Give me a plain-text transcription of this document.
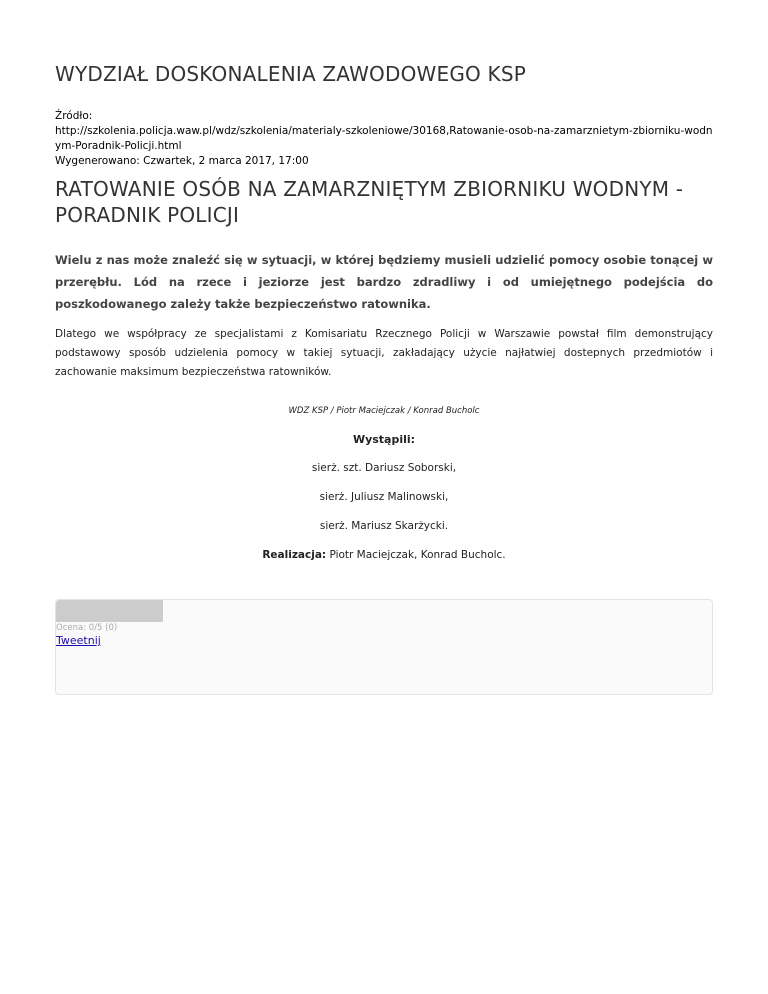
WYDZIAŁ DOSKONALENIA ZAWODOWEGO KSP
Źródło:
http://szkolenia.policja.waw.pl/wdz/szkolenia/materialy-szkoleniowe/30168,Ratowanie-osob-na-zamarznietym-zbiorniku-wodnym-Poradnik-Policji.html
Wygenerowano: Czwartek, 2 marca 2017, 17:00
RATOWANIE OSÓB NA ZAMARZNIĘTYM ZBIORNIKU WODNYM - PORADNIK POLICJI

Wielu z nas może znaleźć się w sytuacji, w której będziemy musieli udzielić pomocy osobie tonącej w przerębłu. Lód na rzece i jeziorze jest bardzo zdradliwy i od umiejętnego podejścia do poszkodowanego zależy także bezpieczeństwo ratownika.

Dlatego we współpracy ze specjalistami z Komisariatu Rzecznego Policji w Warszawie powstał film demonstrujący podstawowy sposób udzielenia pomocy w takiej sytuacji, zakładający użycie najłatwiej dostepnych przedmiotów i zachowanie maksimum bezpieczeństwa ratowników.

WDZ KSP / Piotr Maciejczak / Konrad Bucholc

Wystąpili:

sierż. szt. Dariusz Soborski,

sierż. Juliusz Malinowski,

sierż. Mariusz Skarżycki.

Realizacja: Piotr Maciejczak, Konrad Bucholc.

Ocena: 0/5 (0)
Tweetnij
